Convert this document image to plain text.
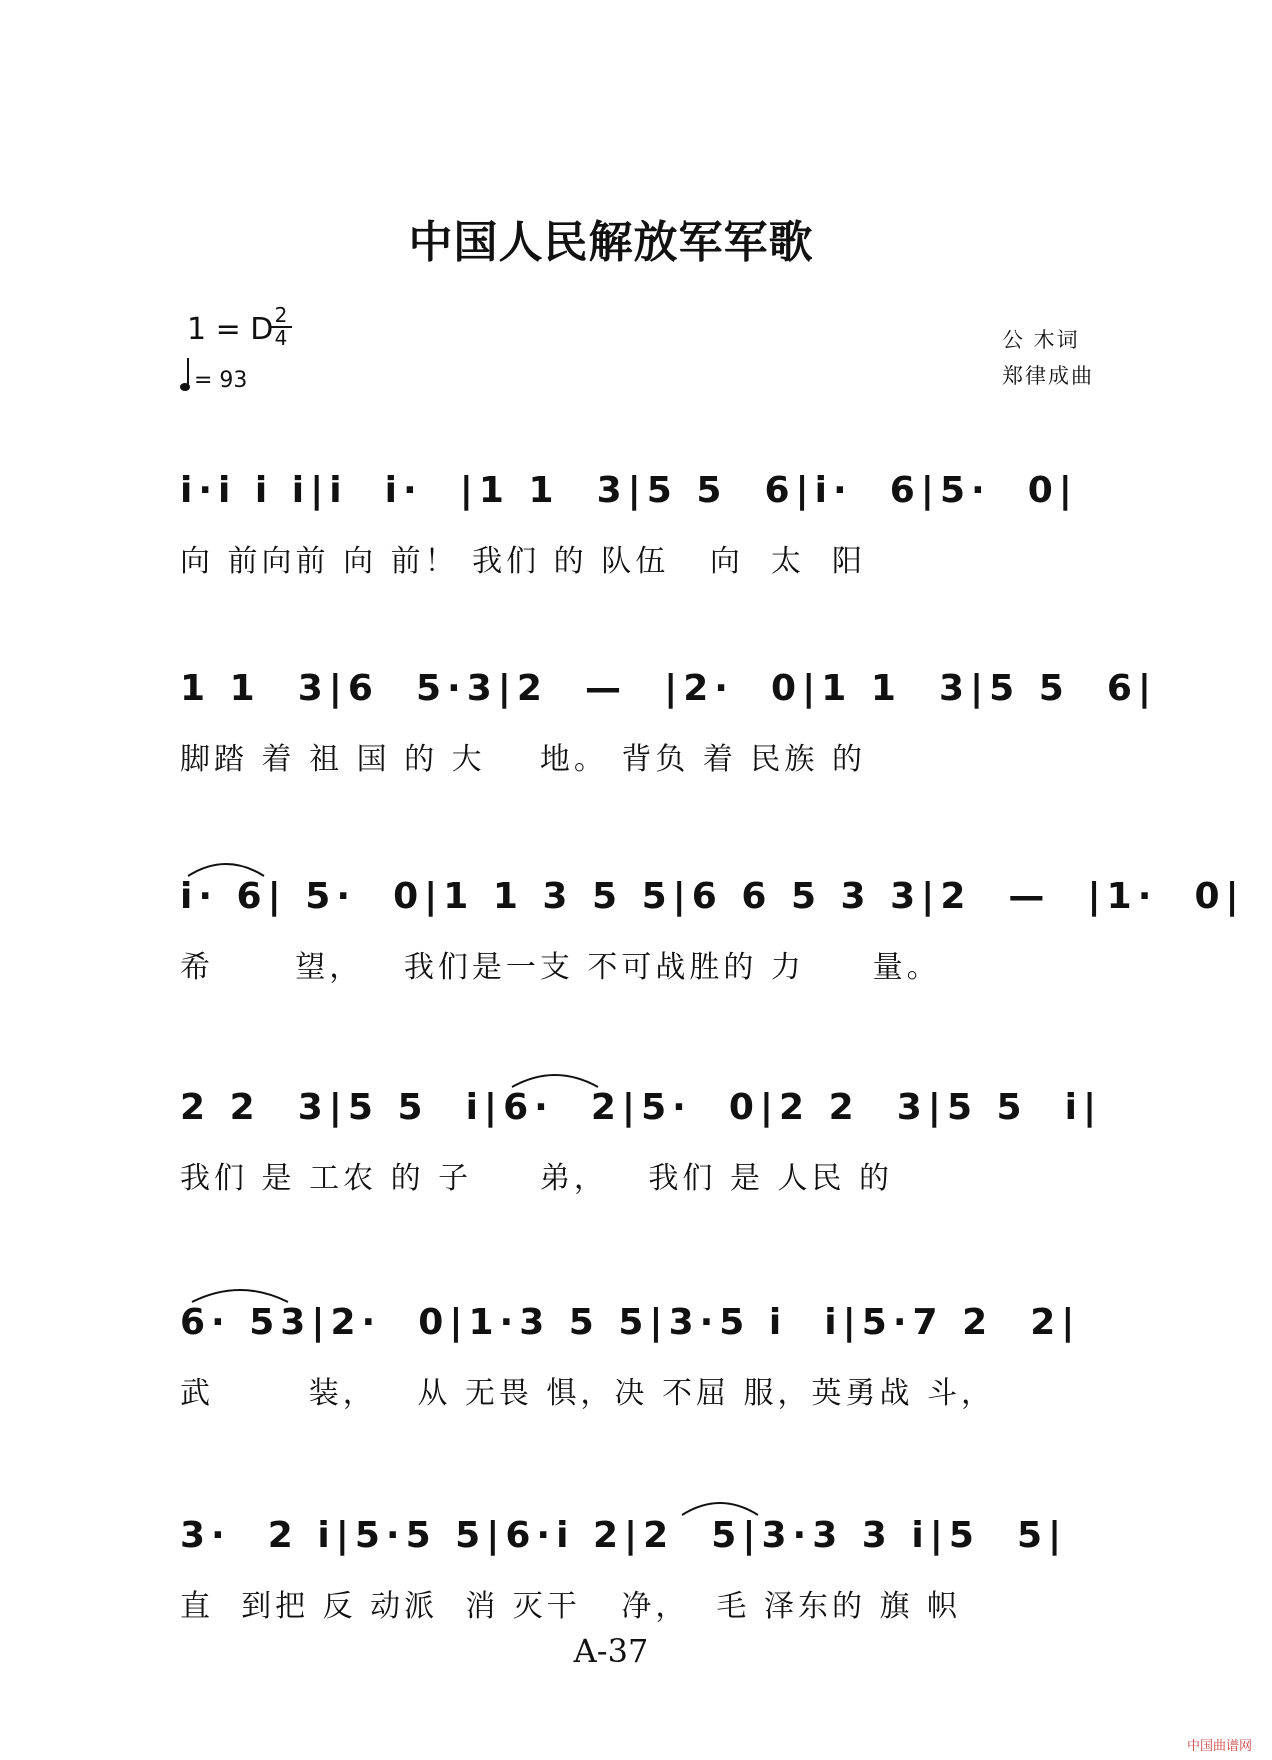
中国人民解放军军歌
1 = D
$\frac{2}{4}$
= 93
公 木词
郑律成曲
i·i i i|i  i·  |1 1  3|5 5  6|i·  6|5·  0|
向 前向前 向 前！ 我们 的 队伍   向  太  阳
1 1  3|6  5·3|2  —  |2·  0|1 1  3|5 5  6|
脚踏 着 祖 国 的 大    地。 背负 着 民族 的
i· 6| 5·  0|1 1 3 5 5|6 6 5 3 3|2  —  |1·  0|
希      望，   我们是一支 不可战胜的 力     量。
2 2  3|5 5  i|6·  2|5·  0|2 2  3|5 5  i|
我们 是 工农 的 子     弟，   我们 是 人民 的
6· 53|2·  0|1·3 5 5|3·5 i  i|5·7 2  2|
武       装，   从 无畏 惧，决 不屈 服，英勇战 斗，
3·  2 i|5·5 5|6·i 2|2  5|3·3 3 i|5  5|
直  到把 反 动派  消 灭干   净，  毛 泽东的 旗 帜
A-37
中国曲谱网
